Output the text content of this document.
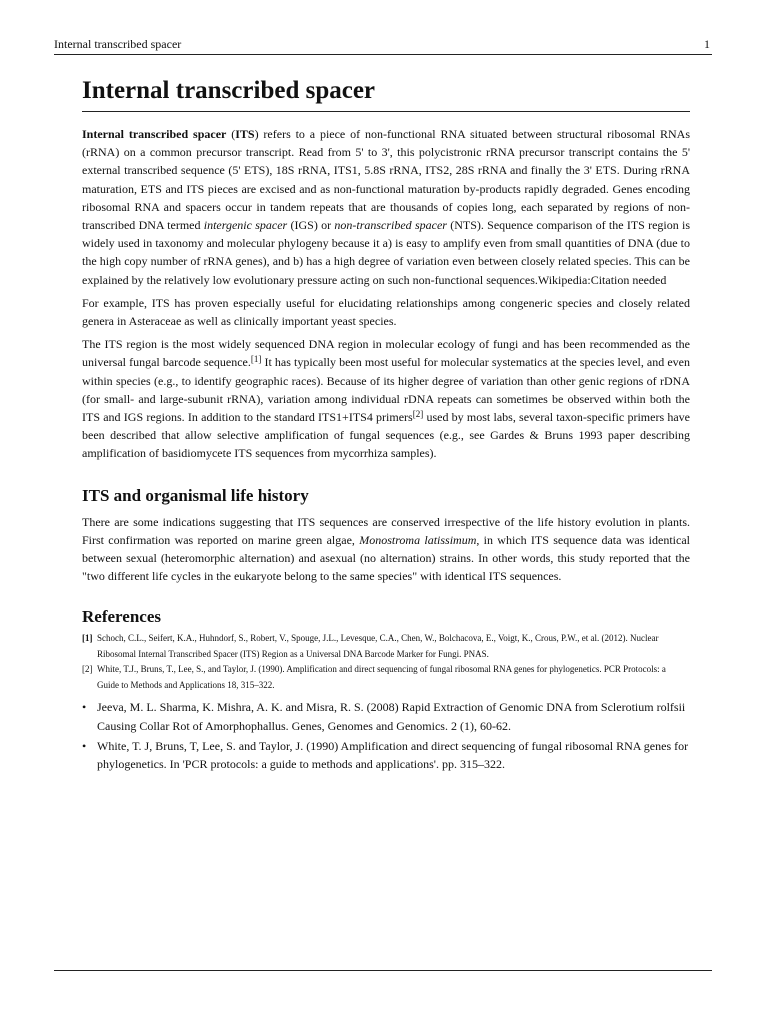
Internal transcribed spacer	1
Internal transcribed spacer

Internal transcribed spacer (ITS) refers to a piece of non-functional RNA situated between structural ribosomal RNAs (rRNA) on a common precursor transcript. Read from 5' to 3', this polycistronic rRNA precursor transcript contains the 5' external transcribed sequence (5' ETS), 18S rRNA, ITS1, 5.8S rRNA, ITS2, 28S rRNA and finally the 3' ETS. During rRNA maturation, ETS and ITS pieces are excised and as non-functional maturation by-products rapidly degraded. Genes encoding ribosomal RNA and spacers occur in tandem repeats that are thousands of copies long, each separated by regions of non-transcribed DNA termed intergenic spacer (IGS) or non-transcribed spacer (NTS). Sequence comparison of the ITS region is widely used in taxonomy and molecular phylogeny because it a) is easy to amplify even from small quantities of DNA (due to the high copy number of rRNA genes), and b) has a high degree of variation even between closely related species. This can be explained by the relatively low evolutionary pressure acting on such non-functional sequences.Wikipedia:Citation needed

For example, ITS has proven especially useful for elucidating relationships among congeneric species and closely related genera in Asteraceae as well as clinically important yeast species.

The ITS region is the most widely sequenced DNA region in molecular ecology of fungi and has been recommended as the universal fungal barcode sequence.[1] It has typically been most useful for molecular systematics at the species level, and even within species (e.g., to identify geographic races). Because of its higher degree of variation than other genic regions of rDNA (for small- and large-subunit rRNA), variation among individual rDNA repeats can sometimes be observed within both the ITS and IGS regions. In addition to the standard ITS1+ITS4 primers[2] used by most labs, several taxon-specific primers have been described that allow selective amplification of fungal sequences (e.g., see Gardes & Bruns 1993 paper describing amplification of basidiomycete ITS sequences from mycorrhiza samples).

ITS and organismal life history

There are some indications suggesting that ITS sequences are conserved irrespective of the life history evolution in plants. First confirmation was reported on marine green algae, Monostroma latissimum, in which ITS sequence data was identical between sexual (heteromorphic alternation) and asexual (no alternation) strains. In other words, this study reported that the "two different life cycles in the eukaryote belong to the same species" with identical ITS sequences.

References
[1] Schoch, C.L., Seifert, K.A., Huhndorf, S., Robert, V., Spouge, J.L., Levesque, C.A., Chen, W., Bolchacova, E., Voigt, K., Crous, P.W., et al. (2012). Nuclear Ribosomal Internal Transcribed Spacer (ITS) Region as a Universal DNA Barcode Marker for Fungi. PNAS.
[2] White, T.J., Bruns, T., Lee, S., and Taylor, J. (1990). Amplification and direct sequencing of fungal ribosomal RNA genes for phylogenetics. PCR Protocols: a Guide to Methods and Applications 18, 315–322.
• Jeeva, M. L. Sharma, K. Mishra, A. K. and Misra, R. S. (2008) Rapid Extraction of Genomic DNA from Sclerotium rolfsii Causing Collar Rot of Amorphophallus. Genes, Genomes and Genomics. 2 (1), 60-62.
• White, T. J, Bruns, T, Lee, S. and Taylor, J. (1990) Amplification and direct sequencing of fungal ribosomal RNA genes for phylogenetics. In 'PCR protocols: a guide to methods and applications'. pp. 315–322.
